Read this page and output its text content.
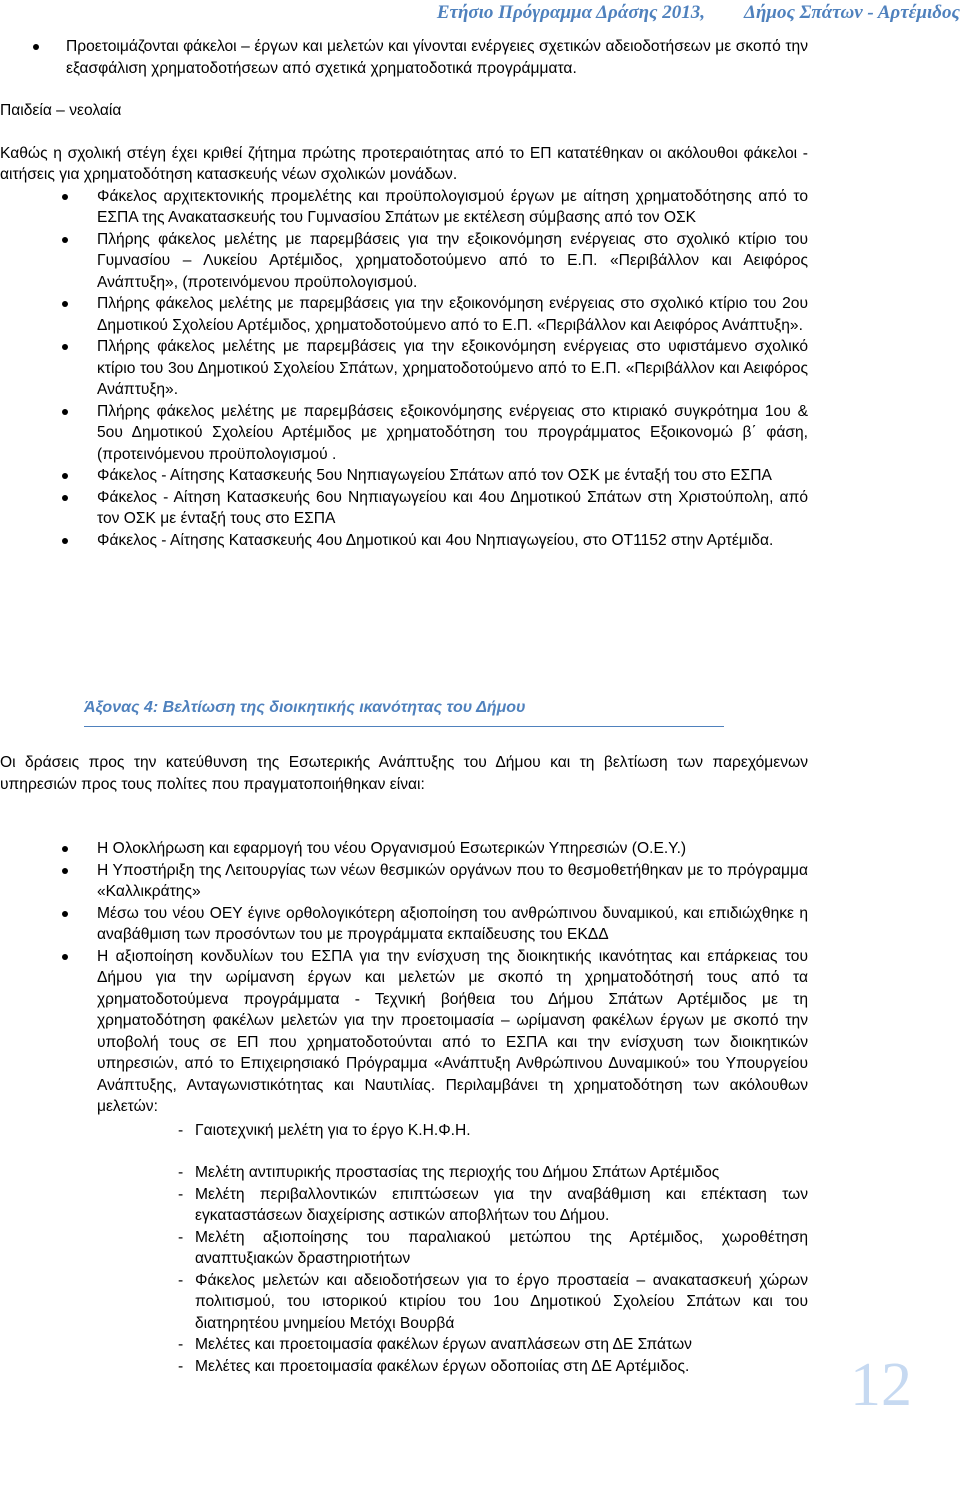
Ετήσιο Πρόγραμμα Δράσης 2013, Δήμος Σπάτων - Αρτέμιδος
Προετοιμάζονται φάκελοι – έργων και μελετών και γίνονται ενέργειες σχετικών αδειοδοτήσεων με σκοπό την εξασφάλιση χρηματοδοτήσεων από σχετικά χρηματοδοτικά προγράμματα.

Παιδεία – νεολαία

Καθώς η σχολική στέγη έχει κριθεί ζήτημα πρώτης προτεραιότητας από το ΕΠ κατατέθηκαν οι ακόλουθοι φάκελοι - αιτήσεις για χρηματοδότηση κατασκευής νέων σχολικών μονάδων.

Φάκελος αρχιτεκτονικής προμελέτης και προϋπολογισμού έργων με αίτηση χρηματοδότησης από το ΕΣΠΑ της Ανακατασκευής του Γυμνασίου Σπάτων με εκτέλεση σύμβασης από τον ΟΣΚ
Πλήρης φάκελος μελέτης με παρεμβάσεις για την εξοικονόμηση ενέργειας στο σχολικό κτίριο του Γυμνασίου – Λυκείου Αρτέμιδος, χρηματοδοτούμενο από το Ε.Π. «Περιβάλλον και Αειφόρος Ανάπτυξη», (προτεινόμενου προϋπολογισμού.
Πλήρης φάκελος μελέτης με παρεμβάσεις για την εξοικονόμηση ενέργειας στο σχολικό κτίριο του 2ου Δημοτικού Σχολείου Αρτέμιδος, χρηματοδοτούμενο από το Ε.Π. «Περιβάλλον και Αειφόρος Ανάπτυξη».
Πλήρης φάκελος μελέτης με παρεμβάσεις για την εξοικονόμηση ενέργειας στο υφιστάμενο σχολικό κτίριο του 3ου Δημοτικού Σχολείου Σπάτων, χρηματοδοτούμενο από το Ε.Π. «Περιβάλλον και Αειφόρος Ανάπτυξη».
Πλήρης φάκελος μελέτης με παρεμβάσεις εξοικονόμησης ενέργειας στο κτιριακό συγκρότημα 1ου & 5ου Δημοτικού Σχολείου Αρτέμιδος με χρηματοδότηση του προγράμματος Εξοικονομώ β΄ φάση, (προτεινόμενου προϋπολογισμού .
Φάκελος - Αίτησης Κατασκευής 5ου Νηπιαγωγείου Σπάτων από τον ΟΣΚ με ένταξή του στο ΕΣΠΑ
Φάκελος - Αίτηση Κατασκευής 6ου Νηπιαγωγείου και 4ου Δημοτικού Σπάτων στη Χριστούπολη, από τον ΟΣΚ με ένταξή τους στο ΕΣΠΑ
Φάκελος - Αίτησης Κατασκευής 4ου Δημοτικού και 4ου Νηπιαγωγείου, στο ΟΤ1152 στην Αρτέμιδα.
Άξονας 4: Βελτίωση της διοικητικής ικανότητας του Δήμου

Οι δράσεις προς την κατεύθυνση της Εσωτερικής Ανάπτυξης του Δήμου και τη βελτίωση των παρεχόμενων υπηρεσιών προς τους πολίτες που πραγματοποιήθηκαν είναι:

Η Ολοκλήρωση και εφαρμογή του νέου Οργανισμού Εσωτερικών Υπηρεσιών (Ο.Ε.Υ.)
Η Υποστήριξη της Λειτουργίας των νέων θεσμικών οργάνων που το θεσμοθετήθηκαν με το πρόγραμμα «Καλλικράτης»
Μέσω του νέου ΟΕΥ έγινε ορθολογικότερη αξιοποίηση του ανθρώπινου δυναμικού, και επιδιώχθηκε η αναβάθμιση των προσόντων του με προγράμματα εκπαίδευσης του ΕΚΔΔ
Η αξιοποίηση κονδυλίων του ΕΣΠΑ για την ενίσχυση της διοικητικής ικανότητας και επάρκειας του Δήμου για την ωρίμανση έργων και μελετών με σκοπό τη χρηματοδότησή τους από τα χρηματοδοτούμενα προγράμματα - Τεχνική βοήθεια του Δήμου Σπάτων Αρτέμιδος με τη χρηματοδότηση φακέλων μελετών για την προετοιμασία – ωρίμανση φακέλων έργων με σκοπό την υποβολή τους σε ΕΠ που χρηματοδοτούνται από το ΕΣΠΑ και την ενίσχυση των διοικητικών υπηρεσιών, από το Επιχειρησιακό Πρόγραμμα «Ανάπτυξη Ανθρώπινου Δυναμικού» του Υπουργείου Ανάπτυξης, Ανταγωνιστικότητας και Ναυτιλίας. Περιλαμβάνει τη χρηματοδότηση των ακόλουθων μελετών:
- Γαιοτεχνική μελέτη για το έργο Κ.Η.Φ.Η.
- Μελέτη αντιπυρικής προστασίας της περιοχής του Δήμου Σπάτων Αρτέμιδος
- Μελέτη περιβαλλοντικών επιπτώσεων για την αναβάθμιση και επέκταση των εγκαταστάσεων διαχείρισης αστικών αποβλήτων του Δήμου.
- Μελέτη αξιοποίησης του παραλιακού μετώπου της Αρτέμιδος, χωροθέτηση αναπτυξιακών δραστηριοτήτων
- Φάκελος μελετών και αδειοδοτήσεων για το έργο προσταεία – ανακατασκευή χώρων πολιτισμού, του ιστορικού κτιρίου του 1ου Δημοτικού Σχολείου Σπάτων και του διατηρητέου μνημείου Μετόχι Βουρβά
- Μελέτες και προετοιμασία φακέλων έργων αναπλάσεων στη ΔΕ Σπάτων
- Μελέτες και προετοιμασία φακέλων έργων οδοποιίας στη ΔΕ Αρτέμιδος.	12
